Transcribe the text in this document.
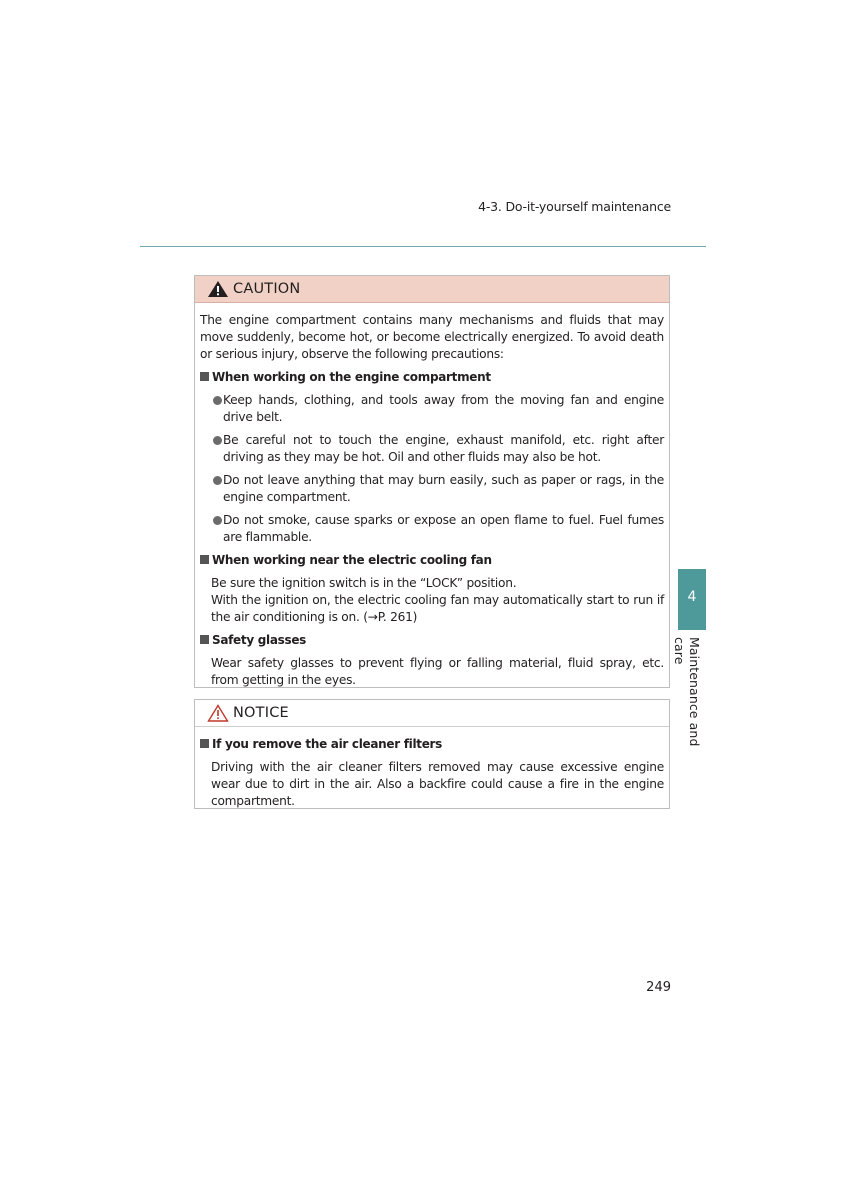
4-3. Do-it-yourself maintenance
CAUTION

The engine compartment contains many mechanisms and fluids that may move suddenly, become hot, or become electrically energized. To avoid death or serious injury, observe the following precautions:

When working on the engine compartment
Keep hands, clothing, and tools away from the moving fan and engine drive belt.
Be careful not to touch the engine, exhaust manifold, etc. right after driving as they may be hot. Oil and other fluids may also be hot.
Do not leave anything that may burn easily, such as paper or rags, in the engine compartment.
Do not smoke, cause sparks or expose an open flame to fuel. Fuel fumes are flammable.
When working near the electric cooling fan

Be sure the ignition switch is in the “LOCK” position.

With the ignition on, the electric cooling fan may automatically start to run if the air conditioning is on. (→P. 261)

Safety glasses

Wear safety glasses to prevent flying or falling material, fluid spray, etc. from getting in the eyes.

NOTICE
If you remove the air cleaner filters

Driving with the air cleaner filters removed may cause excessive engine wear due to dirt in the air. Also a backfire could cause a fire in the engine compartment.

4
Maintenance and care
249
